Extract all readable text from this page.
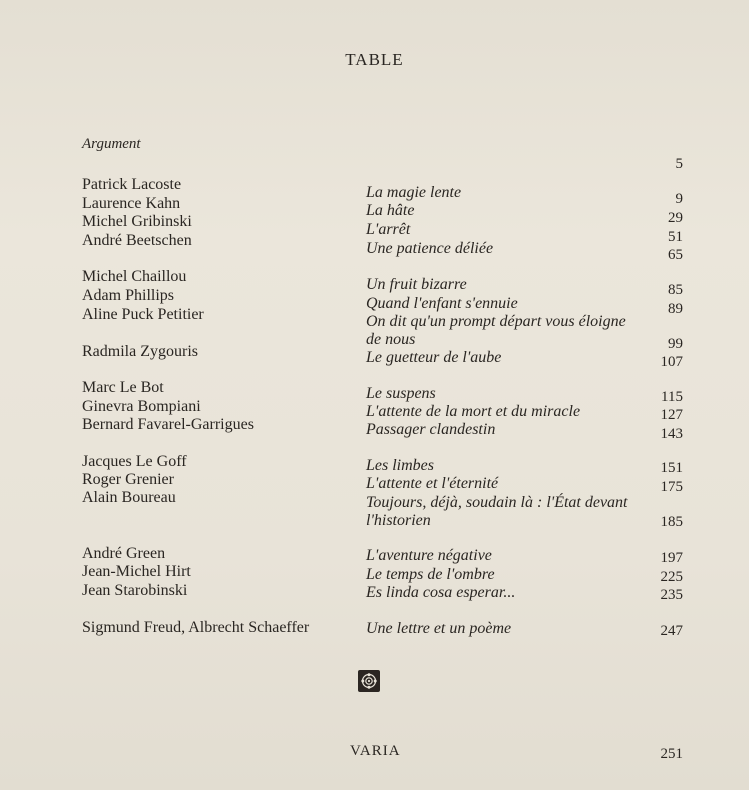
TABLE
Argument
5
Patrick Lacoste	La magie lente	9
Laurence Kahn	La hâte	29
Michel Gribinski	L'arrêt	51
André Beetschen	Une patience déliée	65
Michel Chaillou	Un fruit bizarre	85
Adam Phillips	Quand l'enfant s'ennuie	89
Aline Puck Petitier	On dit qu'un prompt départ vous éloigne
de nous	99
Radmila Zygouris	Le guetteur de l'aube	107
Marc Le Bot	Le suspens	115
Ginevra Bompiani	L'attente de la mort et du miracle	127
Bernard Favarel-Garrigues	Passager clandestin	143
Jacques Le Goff	Les limbes	151
Roger Grenier	L'attente et l'éternité	175
Alain Boureau	Toujours, déjà, soudain là : l'État devant
l'historien	185
André Green	L'aventure négative	197
Jean-Michel Hirt	Le temps de l'ombre	225
Jean Starobinski	Es linda cosa esperar...	235
Sigmund Freud, Albrecht Schaeffer	Une lettre et un poème	247
VARIA	251
